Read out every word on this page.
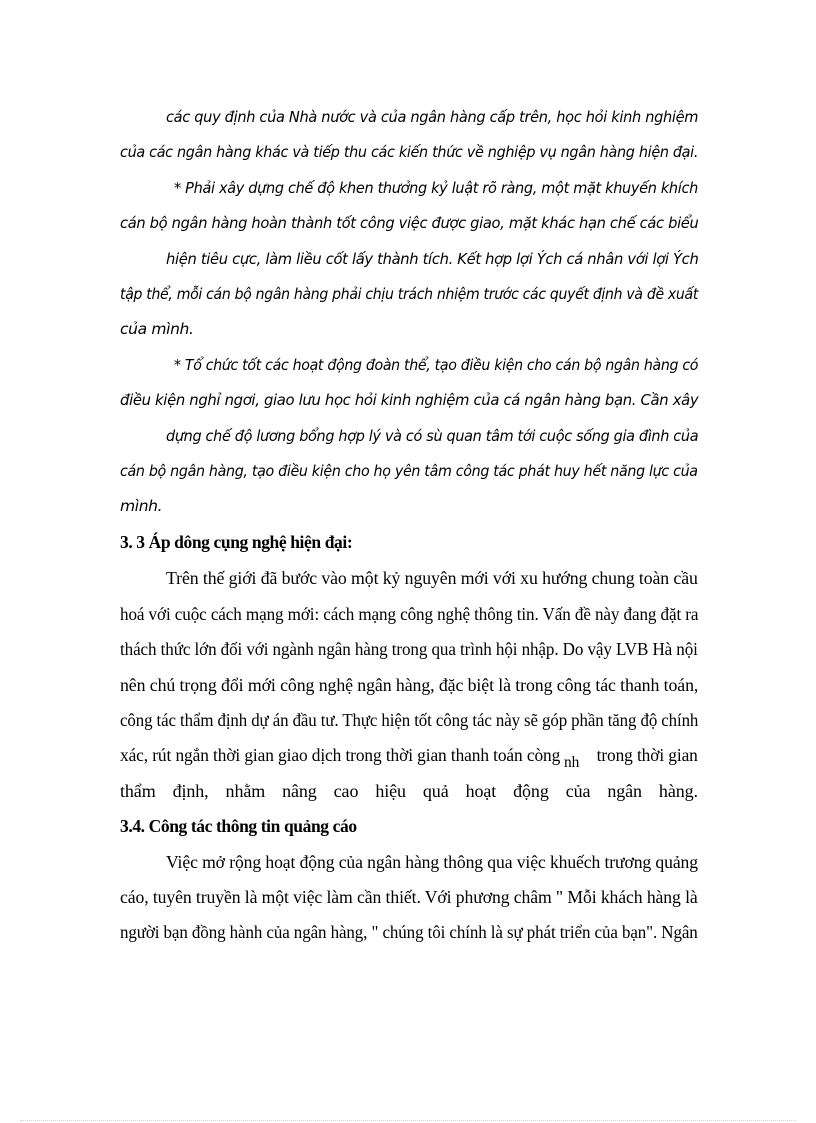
các quy định của Nhà nước và của ngân hàng cấp trên, học hỏi kinh nghiệm
của các ngân hàng khác và tiếp thu các kiến thức về nghiệp vụ ngân hàng hiện đại.
* Phải xây dựng chế độ khen thưởng kỷ luật rõ ràng, một mặt khuyến khích
cán bộ ngân hàng hoàn thành tốt công việc được giao, mặt khác hạn chế các biểu
hiện tiêu cực, làm liều cốt lấy thành tích. Kết hợp lợi Ých cá nhân với lợi Ých
tập thể, mỗi cán bộ ngân hàng phải chịu trách nhiệm trước các quyết định và đề xuất
của mình.
* Tổ chức tốt các hoạt động đoàn thể, tạo điều kiện cho cán bộ ngân hàng có
điều kiện nghỉ ngơi, giao lưu học hỏi kinh nghiệm của cá ngân hàng bạn. Cần xây
dựng chế độ lương bổng hợp lý và có sù quan tâm tới cuộc sống gia đình của
cán bộ ngân hàng, tạo điều kiện cho họ yên tâm công tác phát huy hết năng lực của
mình.
3. 3 Áp dông cụng nghệ hiện đại:
Trên thế giới đã bước vào một kỷ nguyên mới với xu hướng chung toàn cầu
hoá với cuộc cách mạng mới: cách mạng công nghệ thông tin. Vấn đề này đang đặt ra
thách thức lớn đối với ngành ngân hàng trong qua trình hội nhập. Do vậy LVB Hà nội
nên chú trọng đổi mới công nghệ ngân hàng, đặc biệt là trong công tác thanh toán,
công tác thẩm định dự án đầu tư. Thực hiện tốt công tác này sẽ góp phần tăng độ chính
xác, rút ngắn thời gian giao dịch trong thời gian thanh toán còng nh trong thời gian
thẩm định, nhằm nâng cao hiệu quả hoạt động của ngân hàng.
3.4. Công tác thông tin quảng cáo
Việc mở rộng hoạt động của ngân hàng thông qua việc khuếch trương quảng
cáo, tuyên truyền là một việc làm cần thiết. Với phương châm " Mỗi khách hàng là
người bạn đồng hành của ngân hàng, " chúng tôi chính là sự phát triển của bạn". Ngân
